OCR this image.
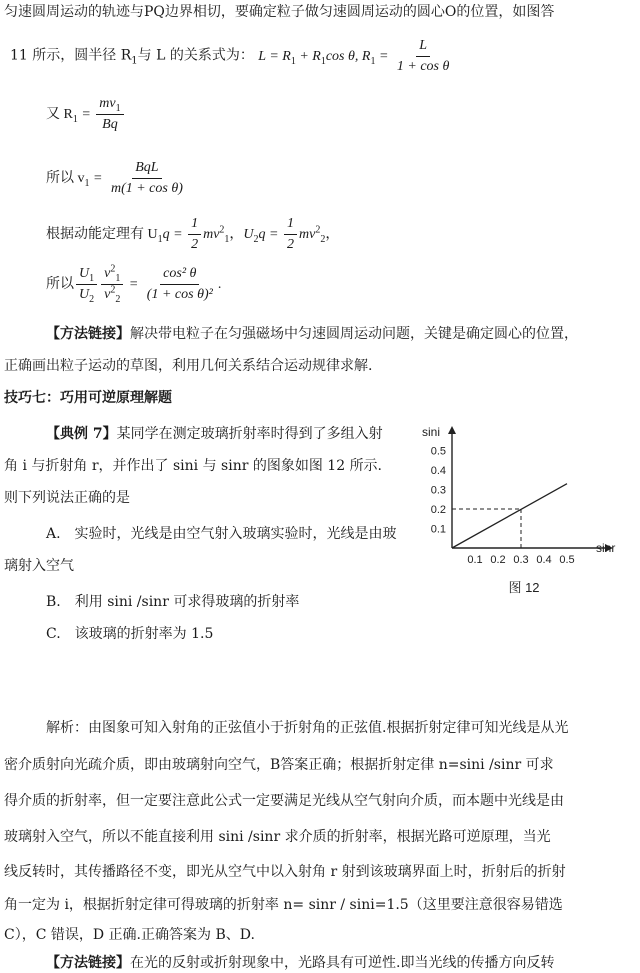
匀速圆周运动的轨迹与PQ边界相切，要确定粒子做匀速圆周运动的圆心O的位置，如图答
11 所示，圆半径 $R_1$与 L 的关系式为： $L = R_1 + R_1\cos$ θ, $R_1 = \frac{L}{\text{1 + cos θ}}$
又 $R_1 = \frac{mv_1}{Bq}$
所以 $v_1 = \frac{\text{BqL}}{\text{m(1 + cos θ)}}$
根据动能定理有 $U_1q = \frac{1}{2} mv^2_1$，$U_2q = \frac{1}{2} mv^2_2$，
所以 $\frac{U_1}{U_2} \frac{v^2_1}{v^2_2} = \frac{\text{cos² θ}}{\text{(1 + cos θ)²}}$ .
【方法链接】解决带电粒子在匀强磁场中匀速圆周运动问题，关键是确定圆心的位置，
正确画出粒子运动的草图，利用几何关系结合运动规律求解.
技巧七：巧用可逆原理解题
【典例 7】某同学在测定玻璃折射率时得到了多组入射
角 i 与折射角 r，并作出了 sini 与 sinr 的图象如图 12 所示.
则下列说法正确的是
A.　实验时，光线是由空气射入玻璃实验时，光线是由玻
璃射入空气
B.　利用 sini /sinr 可求得玻璃的折射率
C.　该玻璃的折射率为 1.5
sini
sinr
0.1 0.2 0.3 0.4 0.5
0.1
0.2
0.3
0.4
0.5
图 12
解析：由图象可知入射角的正弦值小于折射角的正弦值.根据折射定律可知光线是从光
密介质射向光疏介质，即由玻璃射向空气，B答案正确；根据折射定律 n=sini /sinr 可求
得介质的折射率，但一定要注意此公式一定要满足光线从空气射向介质，而本题中光线是由
玻璃射入空气，所以不能直接利用 sini /sinr 求介质的折射率，根据光路可逆原理，当光
线反转时，其传播路径不变，即光从空气中以入射角 r 射到该玻璃界面上时，折射后的折射
角一定为 i，根据折射定律可得玻璃的折射率 n= sinr / sini=1.5（这里要注意很容易错选
C），C 错误，D 正确.正确答案为 B、D.
【方法链接】在光的反射或折射现象中，光路具有可逆性.即当光线的传播方向反转
